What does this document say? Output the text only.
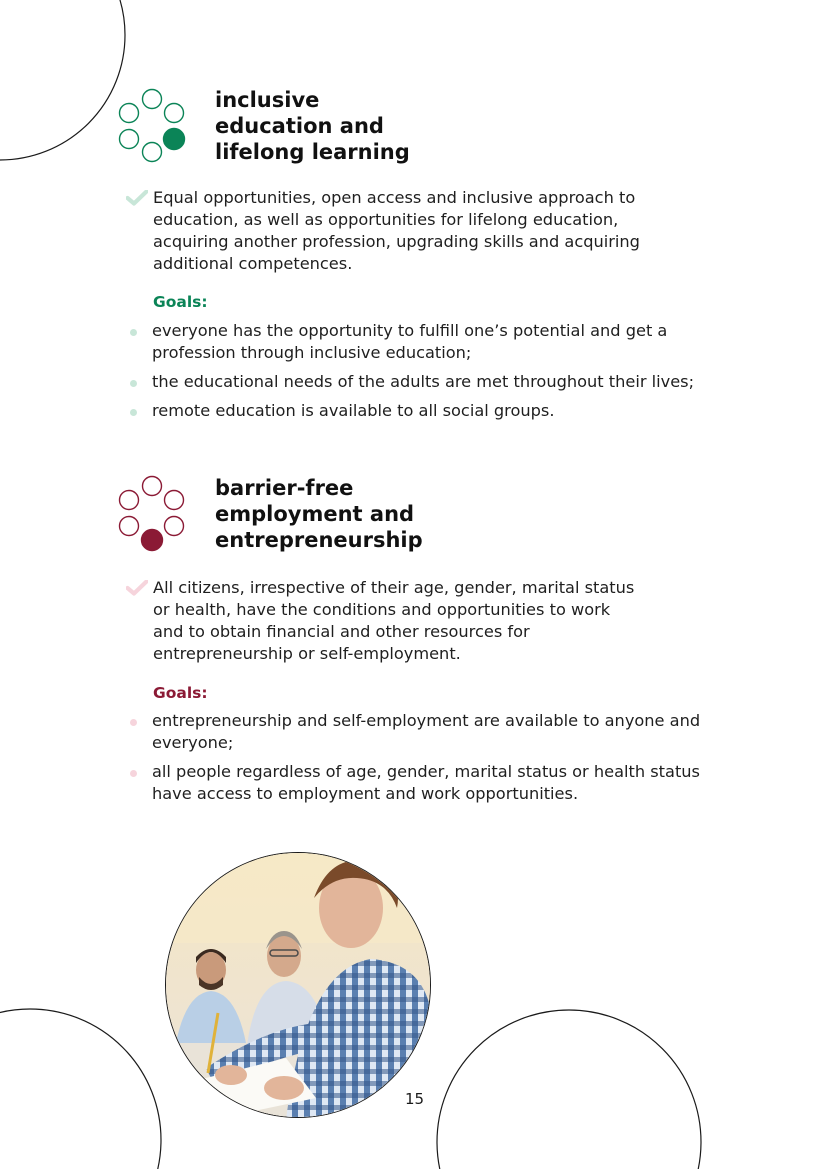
inclusive
education and
lifelong learning

Equal opportunities, open access and inclusive approach to education, as well as opportunities for lifelong education, acquiring another profession, upgrading skills and acquiring additional competences.

Goals:

everyone has the opportunity to fulfill one’s potential and get a profession through inclusive education;
the educational needs of the adults are met throughout their lives;
remote education is available to all social groups.
barrier-free
employment and
entrepreneurship

All citizens, irrespective of their age, gender, marital status or health, have the conditions and opportunities to work and to obtain financial and other resources for entrepreneurship or self-employment.

Goals:

entrepreneurship and self-employment are available to anyone and everyone;
all people regardless of age, gender, marital status or health status have access to employment and work opportunities.
15
